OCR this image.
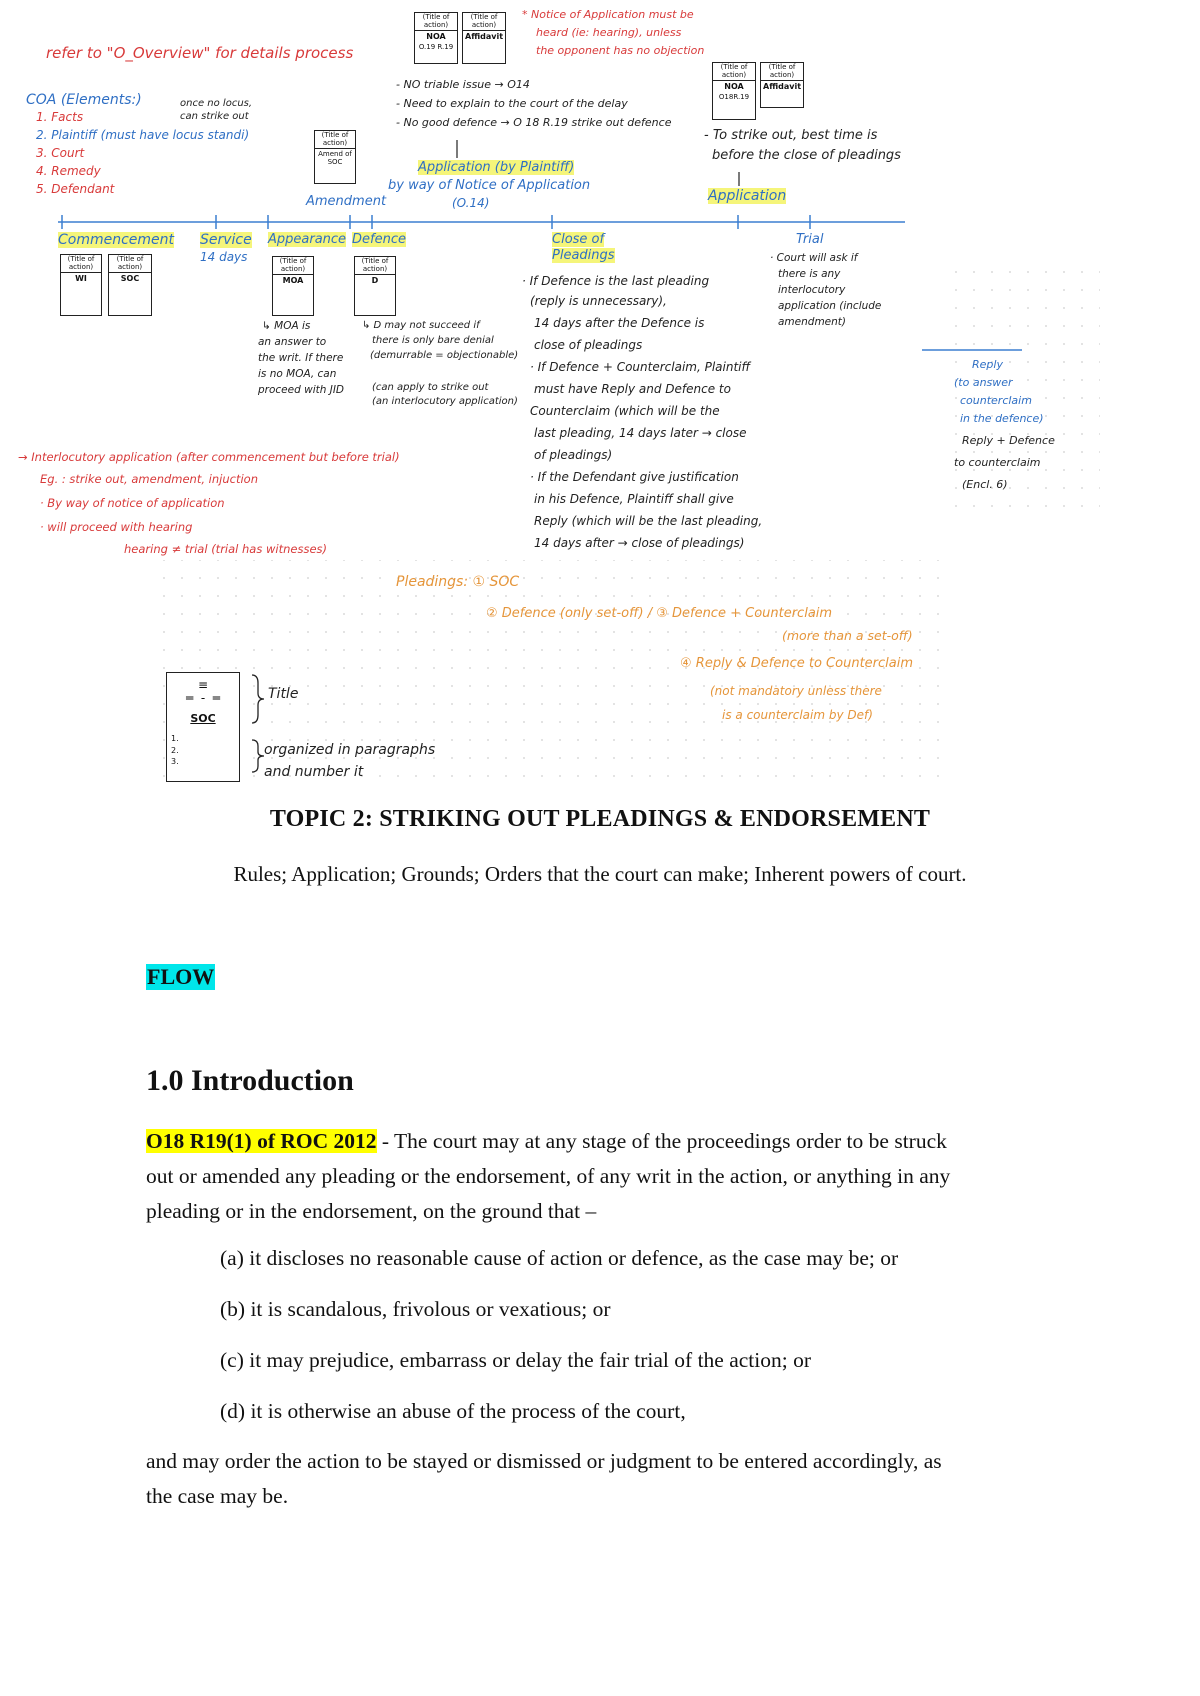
refer to "O_Overview" for details process
COA (Elements:)
1. Facts
2. Plaintiff (must have locus standi)
3. Court
4. Remedy
5. Defendant
once no locus,
can strike out
(Title of action)
NOA
O.19 R.19
(Title of action)
Affidavit
* Notice of Application must be
heard (ie: hearing), unless
the opponent has no objection
- NO triable issue → O14
- Need to explain to the court of the delay
- No good defence → O 18 R.19 strike out defence
Application (by Plaintiff)
by way of Notice of Application
(O.14)
(Title of action)
NOA
O18R.19
(Title of action)
Affidavit
- To strike out, best time is
before the close of pleadings
Application
(Title of action)
Amend of SOC
Amendment
Commencement Service
14 days
Appearance Defence	Close of Pleadings
Trial
(Title of action)
WI
(Title of action)
SOC
(Title of action)
MOA
(Title of action)
D
↳ MOA is
an answer to
the writ. If there
is no MOA, can
proceed with JID
↳ D may not succeed if
there is only bare denial
(demurrable = objectionable)
(can apply to strike out
(an interlocutory application)
· If Defence is the last pleading
(reply is unnecessary),
14 days after the Defence is
close of pleadings
· If Defence + Counterclaim, Plaintiff
must have Reply and Defence to
Counterclaim (which will be the
last pleading, 14 days later → close
of pleadings)
· If the Defendant give justification
in his Defence, Plaintiff shall give
Reply (which will be the last pleading,
14 days after → close of pleadings)
· Court will ask if
there is any
interlocutory
application (include
amendment)
Reply
(to answer
counterclaim
in the defence)
Reply + Defence
to counterclaim
(Encl. 6)
→ Interlocutory application (after commencement but before trial)
Eg. : strike out, amendment, injuction
· By way of notice of application
· will proceed with hearing
hearing ≠ trial (trial has witnesses)
Pleadings: ① SOC
② Defence (only set-off) / ③ Defence + Counterclaim
(more than a set-off)
④ Reply & Defence to Counterclaim
(not mandatory unless there
is a counterclaim by Def)
≡
═  -  ═
SOC
1.
2.
3.
Title
organized in paragraphs
and number it
TOPIC 2: STRIKING OUT PLEADINGS & ENDORSEMENT
Rules; Application; Grounds; Orders that the court can make; Inherent powers of court.
FLOW
1.0 Introduction
O18 R19(1) of ROC 2012 - The court may at any stage of the proceedings order to be struck
out or amended any pleading or the endorsement, of any writ in the action, or anything in any
pleading or in the endorsement, on the ground that –
(a) it discloses no reasonable cause of action or defence, as the case may be; or
(b) it is scandalous, frivolous or vexatious; or
(c) it may prejudice, embarrass or delay the fair trial of the action; or
(d) it is otherwise an abuse of the process of the court,
and may order the action to be stayed or dismissed or judgment to be entered accordingly, as
the case may be.
